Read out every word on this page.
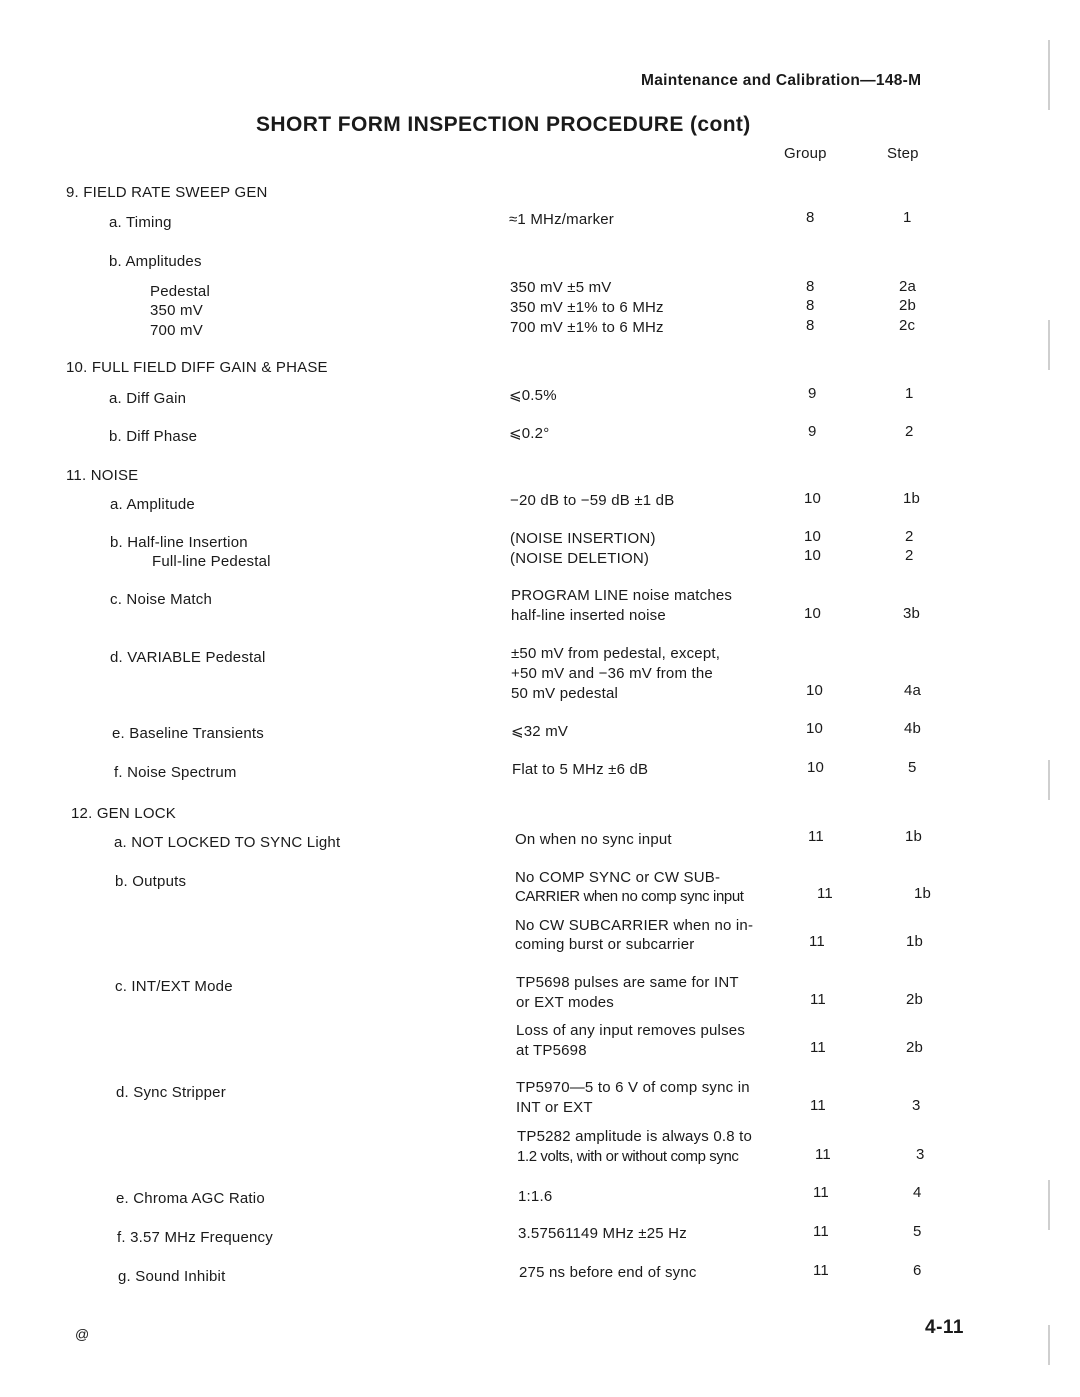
Maintenance and Calibration—148-M
SHORT FORM INSPECTION PROCEDURE (cont)
Group	Step
9. FIELD RATE SWEEP GEN
a. Timing	≈1 MHz/marker	8	1
b. Amplitudes
Pedestal	350 mV ±5 mV	8	2a
350 mV	350 mV ±1% to 6 MHz	8	2b
700 mV	700 mV ±1% to 6 MHz	8	2c
10. FULL FIELD DIFF GAIN & PHASE
a. Diff Gain	⩽0.5%	9	1
b. Diff Phase	⩽0.2°	9	2
11. NOISE
a. Amplitude	−20 dB to −59 dB ±1 dB	10	1b
b. Half-line Insertion	(NOISE INSERTION)	10	2
Full-line Pedestal	(NOISE DELETION)	10	2
c. Noise Match	PROGRAM LINE noise matches
half-line inserted noise	10	3b
d. VARIABLE Pedestal	±50 mV from pedestal, except,
+50 mV and −36 mV from the
50 mV pedestal	10	4a
e. Baseline Transients	⩽32 mV	10	4b
f. Noise Spectrum	Flat to 5 MHz ±6 dB	10	5
12. GEN LOCK
a. NOT LOCKED TO SYNC Light	On when no sync input	11	1b
b. Outputs	No COMP SYNC or CW SUB-
CARRIER when no comp sync input	11	1b
No CW SUBCARRIER when no in-
coming burst or subcarrier	11	1b
c. INT/EXT Mode	TP5698 pulses are same for INT
or EXT modes	11	2b
Loss of any input removes pulses
at TP5698	11	2b
d. Sync Stripper	TP5970—5 to 6 V of comp sync in
INT or EXT	11	3
TP5282 amplitude is always 0.8 to
1.2 volts, with or without comp sync	11	3
e. Chroma AGC Ratio	1:1.6	11	4
f. 3.57 MHz Frequency	3.57561149 MHz ±25 Hz	11	5
g. Sound Inhibit	275 ns before end of sync	11	6
@	4-11
